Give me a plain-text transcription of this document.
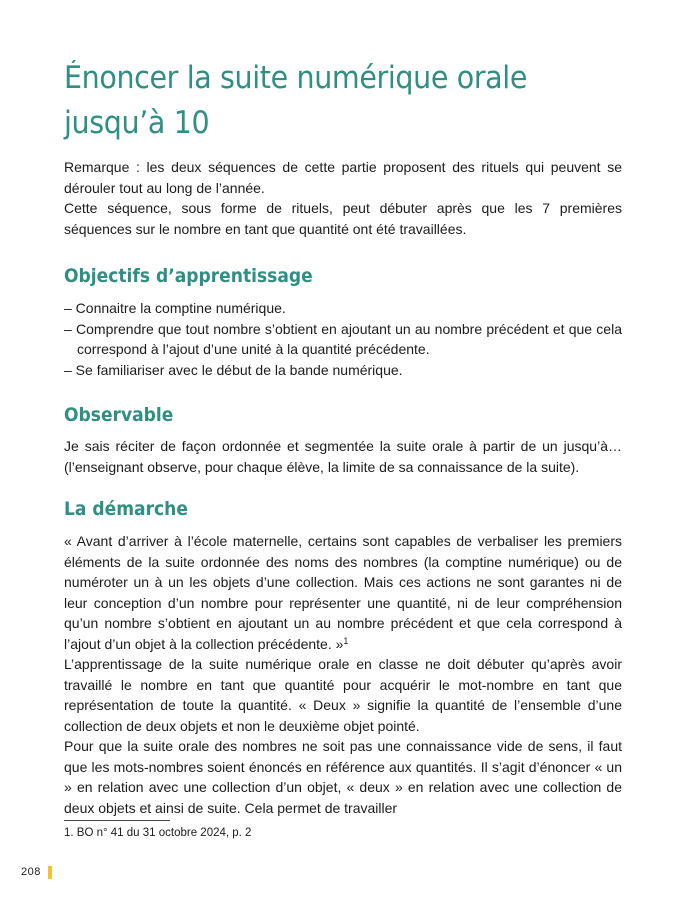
Énoncer la suite numérique orale
jusqu’à 10

Remarque : les deux séquences de cette partie proposent des rituels qui peuvent se dérouler tout au long de l’année.

Cette séquence, sous forme de rituels, peut débuter après que les 7 premières séquences sur le nombre en tant que quantité ont été travaillées.

Objectifs d’apprentissage
– Connaitre la comptine numérique.
– Comprendre que tout nombre s’obtient en ajoutant un au nombre précédent et que cela correspond à l’ajout d’une unité à la quantité précédente.
– Se familiariser avec le début de la bande numérique.
Observable

Je sais réciter de façon ordonnée et segmentée la suite orale à partir de un jusqu’à… (l’enseignant observe, pour chaque élève, la limite de sa connaissance de la suite).

La démarche

« Avant d’arriver à l’école maternelle, certains sont capables de verbaliser les premiers éléments de la suite ordonnée des noms des nombres (la comptine numérique) ou de numéroter un à un les objets d’une collection. Mais ces actions ne sont garantes ni de leur conception d’un nombre pour représenter une quantité, ni de leur compréhension qu’un nombre s’obtient en ajoutant un au nombre précédent et que cela correspond à l’ajout d’un objet à la collection précédente. »$^1$

L’apprentissage de la suite numérique orale en classe ne doit débuter qu’après avoir travaillé le nombre en tant que quantité pour acquérir le mot-nombre en tant que représentation de toute la quantité. « Deux » signifie la quantité de l’ensemble d’une collection de deux objets et non le deuxième objet pointé.

Pour que la suite orale des nombres ne soit pas une connaissance vide de sens, il faut que les mots-nombres soient énoncés en référence aux quantités. Il s’agit d’énoncer « un » en relation avec une collection d’un objet, « deux » en relation avec une collection de deux objets et ainsi de suite. Cela permet de travailler

1. BO n° 41 du 31 octobre 2024, p. 2
208
